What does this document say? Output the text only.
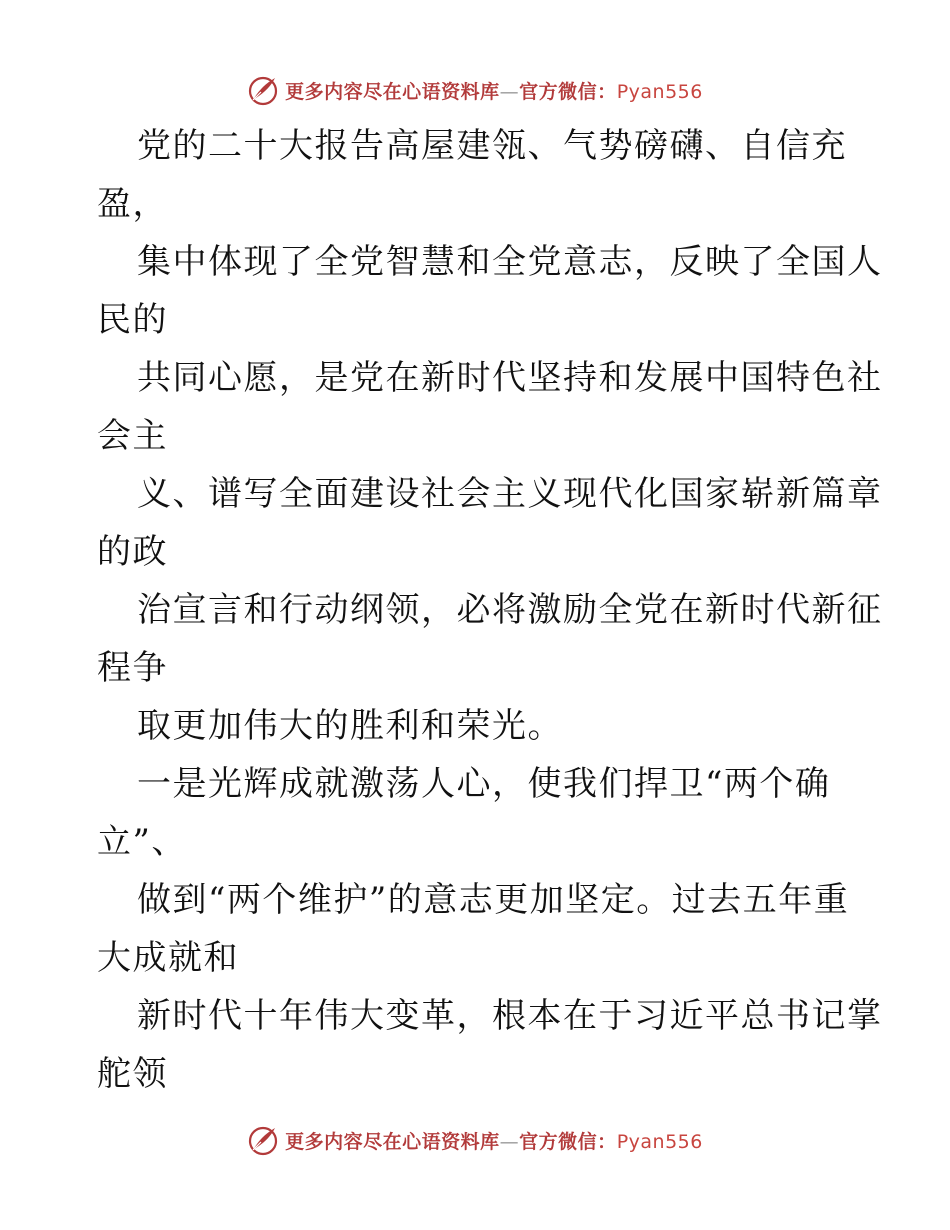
更多内容尽在心语资料库—官方微信：Pyan556
党的二十大报告高屋建瓴、气势磅礴、自信充
盈，
集中体现了全党智慧和全党意志，反映了全国人
民的
共同心愿，是党在新时代坚持和发展中国特色社
会主
义、谱写全面建设社会主义现代化国家崭新篇章
的政
治宣言和行动纲领，必将激励全党在新时代新征
程争
取更加伟大的胜利和荣光。
一是光辉成就激荡人心，使我们捍卫“两个确
立”、
做到“两个维护”的意志更加坚定。过去五年重
大成就和
新时代十年伟大变革，根本在于习近平总书记掌
舵领
更多内容尽在心语资料库—官方微信：Pyan556
